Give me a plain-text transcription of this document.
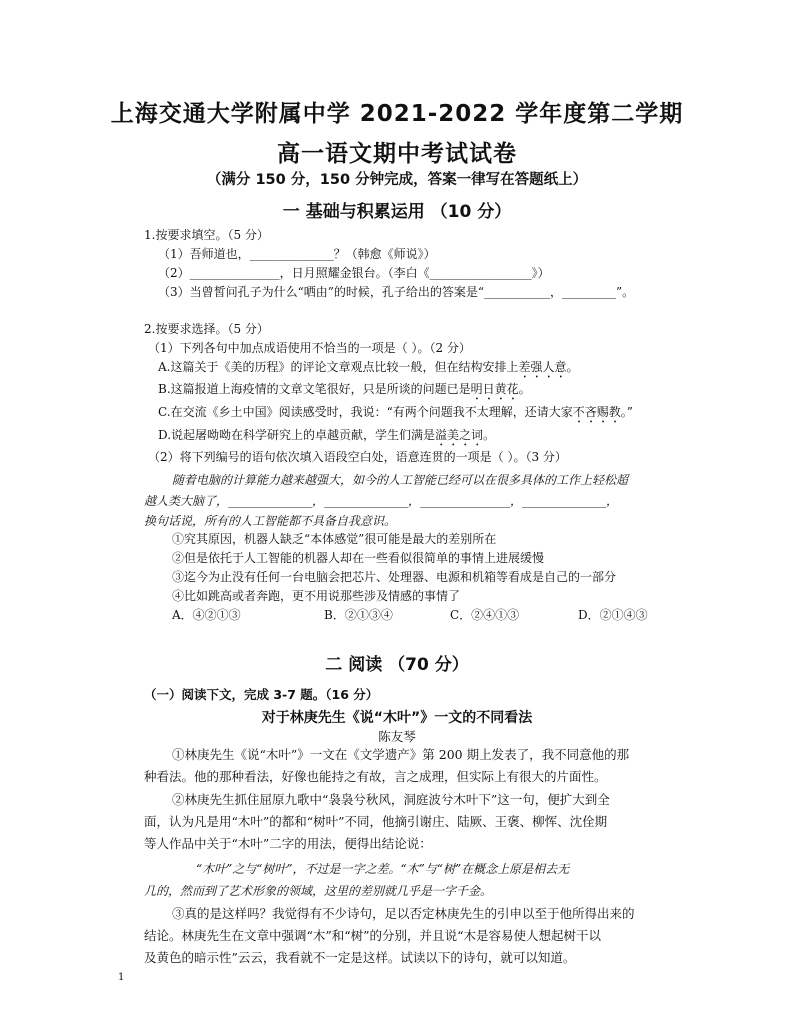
上海交通大学附属中学 2021-2022 学年度第二学期
高一语文期中考试试卷
（满分 150 分，150 分钟完成，答案一律写在答题纸上）
一 基础与积累运用 （10 分）
1.按要求填空。（5 分）
（1）吾师道也，______________？（韩愈《师说》）
（2）_______________，日月照耀金银台。（李白《_________________》）
（3）当曾皙问孔子为什么“哂由”的时候，孔子给出的答案是“___________，_________”。
2.按要求选择。（5 分）
（1）下列各句中加点成语使用不恰当的一项是（ ）。（2 分）
A.这篇关于《美的历程》的评论文章观点比较一般，但在结构安排上差强人意。
B.这篇报道上海疫情的文章文笔很好，只是所谈的问题已是明日黄花。
C.在交流《乡土中国》阅读感受时，我说：“有两个问题我不太理解，还请大家不吝赐教。”
D.说起屠呦呦在科学研究上的卓越贡献，学生们满是溢美之词。
（2）将下列编号的语句依次填入语段空白处，语意连贯的一项是（ ）。（3 分）
随着电脑的计算能力越来越强大，如今的人工智能已经可以在很多具体的工作上轻松超
越人类大脑了，______________，______________，_______________，______________，
换句话说，所有的人工智能都不具备自我意识。
①究其原因，机器人缺乏“本体感觉”很可能是最大的差别所在
②但是依托于人工智能的机器人却在一些看似很简单的事情上进展缓慢
③迄今为止没有任何一台电脑会把芯片、处理器、电源和机箱等看成是自己的一部分
④比如跳高或者奔跑，更不用说那些涉及情感的事情了
A．④②①③	B．②①③④	C．②④①③	D．②①④③
二 阅读 （70 分）
（一）阅读下文，完成 3-7 题。（16 分）
对于林庚先生《说“木叶”》一文的不同看法
陈友琴
①林庚先生《说“木叶”》一文在《文学遗产》第 200 期上发表了，我不同意他的那
种看法。他的那种看法，好像也能持之有故，言之成理，但实际上有很大的片面性。
②林庚先生抓住屈原九歌中“袅袅兮秋风，洞庭波兮木叶下”这一句，便扩大到全
面，认为凡是用“木叶”的都和“树叶”不同，他摘引谢庄、陆厥、王褒、柳恽、沈佺期
等人作品中关于“木叶”二字的用法，便得出结论说：
“木叶”之与“树叶”，不过是一字之差。“木”与“树”在概念上原是相去无
几的，然而到了艺术形象的领域，这里的差别就几乎是一字千金。
③真的是这样吗？我觉得有不少诗句，足以否定林庚先生的引申以至于他所得出来的
结论。林庚先生在文章中强调“木”和“树”的分别，并且说“木是容易使人想起树干以
及黄色的暗示性”云云，我看就不一定是这样。试读以下的诗句，就可以知道。
1
